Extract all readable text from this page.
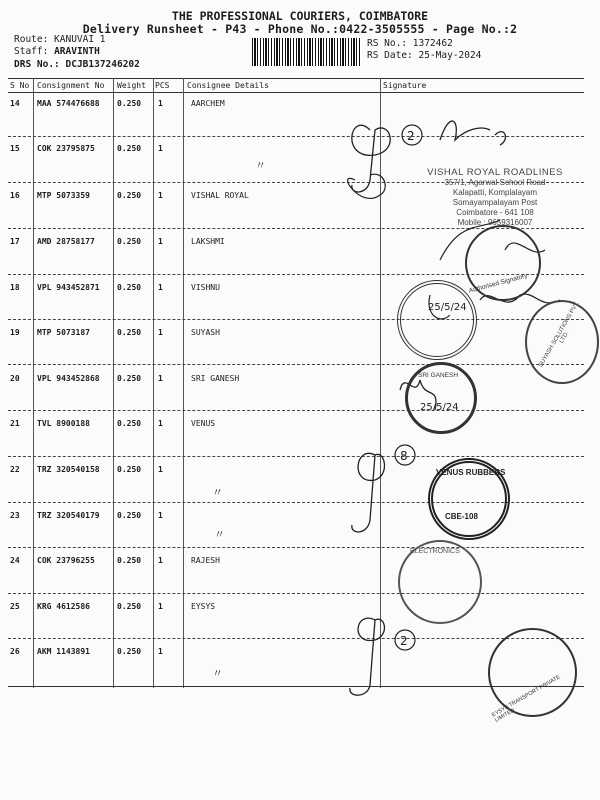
THE PROFESSIONAL COURIERS, COIMBATORE
Delivery Runsheet - P43 - Phone No.:0422-3505555 - Page No.:2
Route: KANUVAI 1
Staff: ARAVINTH
DRS No.: DCJB137246202
RS No.: 1372462
RS Date: 25-May-2024
S No Consignment No Weight PCS Consignee Details	Signature
14 MAA 574476688 0.250 1	AARCHEM
15 COK 23795875	0.250 1
〃
16 MTP 5073359	0.250 1	VISHAL ROYAL
17 AMD 28758177	0.250 1	LAKSHMI
18 VPL 943452871 0.250 1	VISHNU
19 MTP 5073187	0.250 1	SUYASH
20 VPL 943452868 0.250 1	SRI GANESH
21 TVL 8900188	0.250 1	VENUS
22 TRZ 320540158 0.250 1
〃
23 TRZ 320540179 0.250 1
〃
24 COK 23796255	0.250 1	RAJESH
25 KRG 4612586	0.250 1	EYSYS
26 AKM 1143891	0.250 1
〃
2
8
2
VISHAL ROYAL ROADLINES
357/1, Agarwal School Road
Kalapatti, Komplalayam
Somayampalayam Post
Coimbatore - 641 108
Mobile : 9659316007
Authorised Signatory
25/5/24	SUYASH SOLUTIONS PVT. LTD.
SRI GANESH
25/5/24
VENUS RUBBERS
CBE-108
ELECTRONICS
EYSYS TRANSPORT PRIVATE LIMITED
